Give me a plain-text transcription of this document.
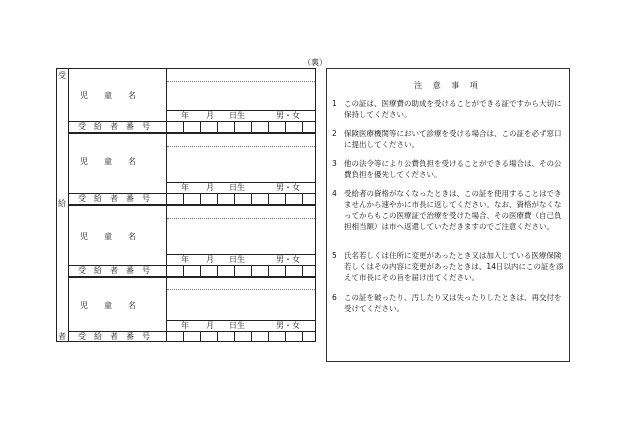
（裏）
受
給
者
児　　童　　名
年 月 日生	男・女
受　給　者　番　号
児　　童　　名
年 月 日生	男・女
受　給　者　番　号
児　　童　　名
年 月 日生	男・女
受　給　者　番　号
児　　童　　名
年 月 日生	男・女
受　給　者　番　号
注 意 事 項
1 この証は、医療費の助成を受けることができる証ですから大切に保持してください。
2 保険医療機関等において診療を受ける場合は、この証を必ず窓口に提出してください。
3 他の法令等により公費負担を受けることができる場合は、その公費負担を優先してください。
4 受給者の資格がなくなったときは、この証を使用することはできませんから速やかに市長に返してください。なお、資格がなくなってからもこの医療証で治療を受けた場合、その医療費（自己負担相当額）は市へ返還していただきますのでご注意ください。
5 氏名若しくは住所に変更があったとき又は加入している医療保険若しくはその内容に変更があったときは、14日以内にこの証を添えて市長にその旨を届け出てください。
6 この証を破ったり、汚したり又は失ったりしたときは、再交付を受けてください。
